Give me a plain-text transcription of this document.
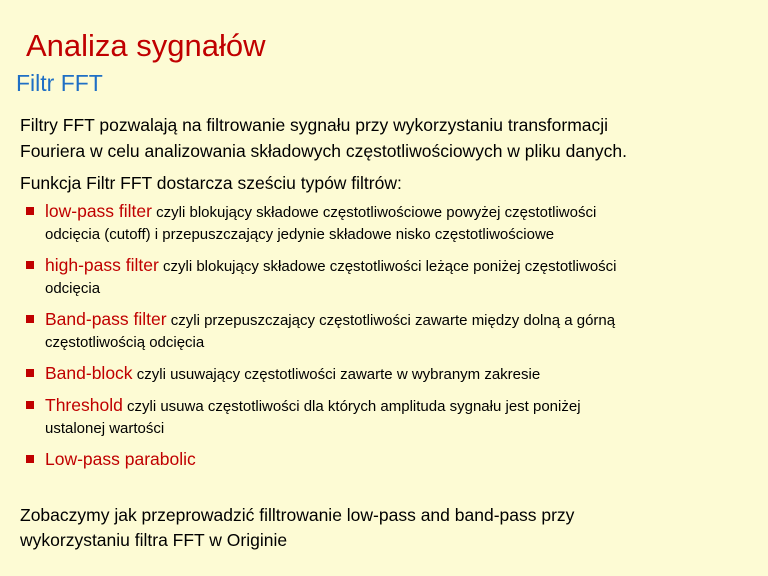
Analiza sygnałów
Filtr FFT

Filtry FFT pozwalają na filtrowanie sygnału przy wykorzystaniu transformacji

Fouriera w celu analizowania składowych częstotliwościowych w pliku danych.

Funkcja Filtr FFT dostarcza sześciu typów filtrów:

low-pass filter czyli blokujący składowe częstotliwościowe powyżej częstotliwości
odcięcia (cutoff) i przepuszczający jedynie składowe nisko częstotliwościowe
high-pass filter czyli blokujący składowe częstotliwości leżące poniżej częstotliwości
odcięcia
Band-pass filter czyli przepuszczający częstotliwości zawarte między dolną a górną
częstotliwością odcięcia
Band-block czyli usuwający częstotliwości zawarte w wybranym zakresie
Threshold czyli usuwa częstotliwości dla których amplituda sygnału jest poniżej
ustalonej wartości
Low-pass parabolic

Zobaczymy jak przeprowadzić filltrowanie low-pass and band-pass przy

wykorzystaniu filtra FFT w Originie
